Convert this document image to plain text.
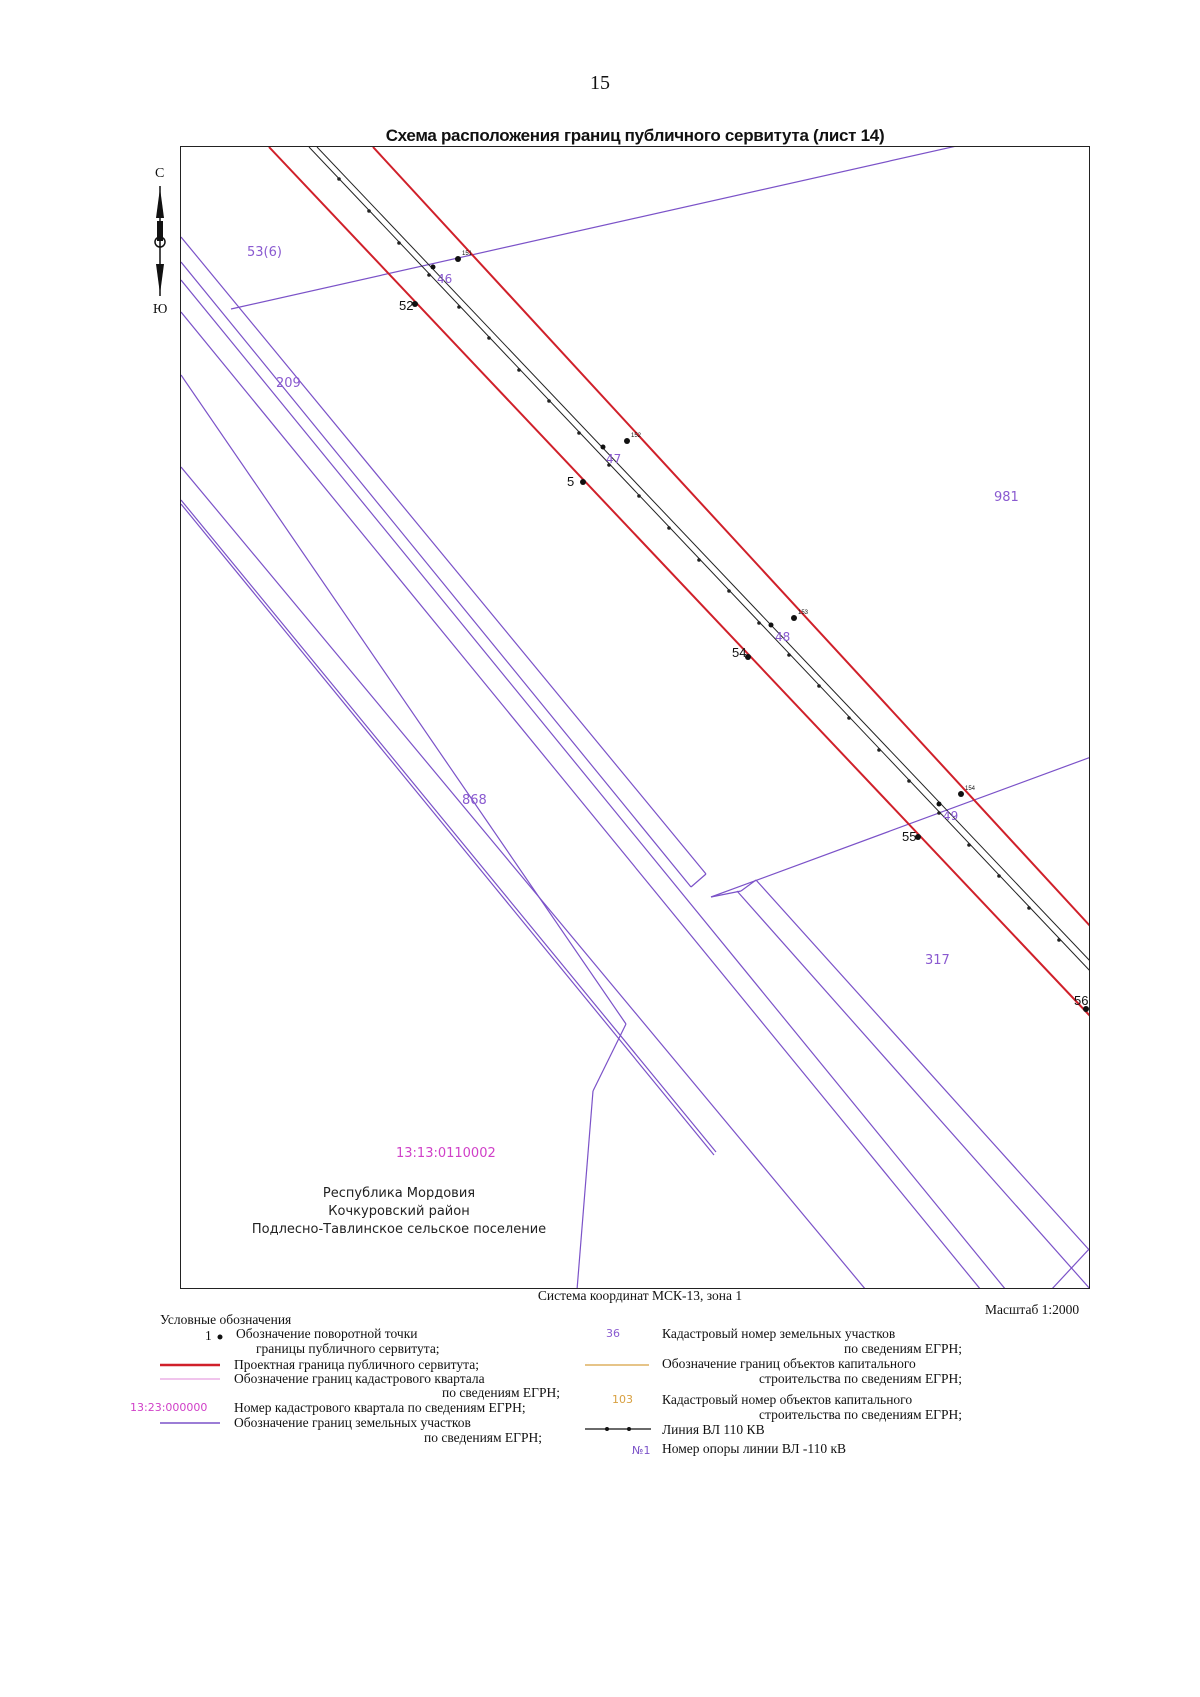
15
Схема расположения границ публичного сервитута (лист 14)
С
Ю	52
5
54
55
56
151
152
153
154
46
47
48
49
53(6)
209
981
868
317
13:13:0110002
Республика Мордовия
Кочкуровский район
Подлесно-Тавлинское сельское поселение
Система координат МСК-13, зона 1
Масштаб 1:2000
Условные обозначения
1 Обозначение поворотной точки
границы публичного сервитута;
Проектная граница публичного сервитута;
Обозначение границ кадастрового квартала
по сведениям ЕГРН;
13:23:000000 Номер кадастрового квартала по сведениям ЕГРН;
Обозначение границ земельных участков
по сведениям ЕГРН;
36	Кадастровый номер земельных участков
по сведениям ЕГРН;
Обозначение границ объектов капитального
строительства по сведениям ЕГРН;
103 Кадастровый номер объектов капитального
строительства по сведениям ЕГРН;
Линия ВЛ 110 КВ
№1 Номер опоры линии ВЛ -110 кВ
